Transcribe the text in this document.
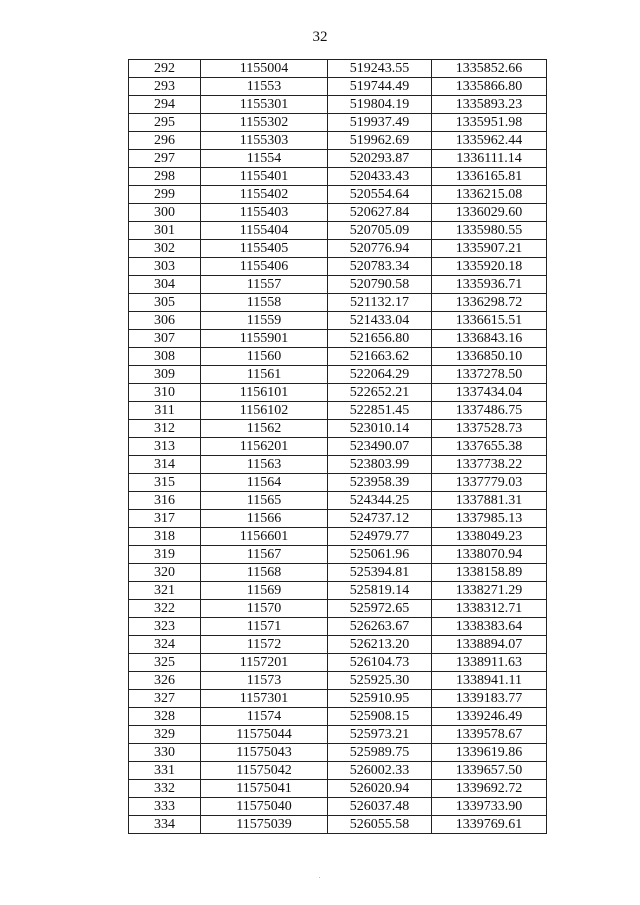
32
292	1155004	519243.55	1335852.66
293	11553	519744.49	1335866.80
294	1155301	519804.19	1335893.23
295	1155302	519937.49	1335951.98
296	1155303	519962.69	1335962.44
297	11554	520293.87	1336111.14
298	1155401	520433.43	1336165.81
299	1155402	520554.64	1336215.08
300	1155403	520627.84	1336029.60
301	1155404	520705.09	1335980.55
302	1155405	520776.94	1335907.21
303	1155406	520783.34	1335920.18
304	11557	520790.58	1335936.71
305	11558	521132.17	1336298.72
306	11559	521433.04	1336615.51
307	1155901	521656.80	1336843.16
308	11560	521663.62	1336850.10
309	11561	522064.29	1337278.50
310	1156101	522652.21	1337434.04
311	1156102	522851.45	1337486.75
312	11562	523010.14	1337528.73
313	1156201	523490.07	1337655.38
314	11563	523803.99	1337738.22
315	11564	523958.39	1337779.03
316	11565	524344.25	1337881.31
317	11566	524737.12	1337985.13
318	1156601	524979.77	1338049.23
319	11567	525061.96	1338070.94
320	11568	525394.81	1338158.89
321	11569	525819.14	1338271.29
322	11570	525972.65	1338312.71
323	11571	526263.67	1338383.64
324	11572	526213.20	1338894.07
325	1157201	526104.73	1338911.63
326	11573	525925.30	1338941.11
327	1157301	525910.95	1339183.77
328	11574	525908.15	1339246.49
329	11575044	525973.21	1339578.67
330	11575043	525989.75	1339619.86
331	11575042	526002.33	1339657.50
332	11575041	526020.94	1339692.72
333	11575040	526037.48	1339733.90
334	11575039	526055.58	1339769.61
